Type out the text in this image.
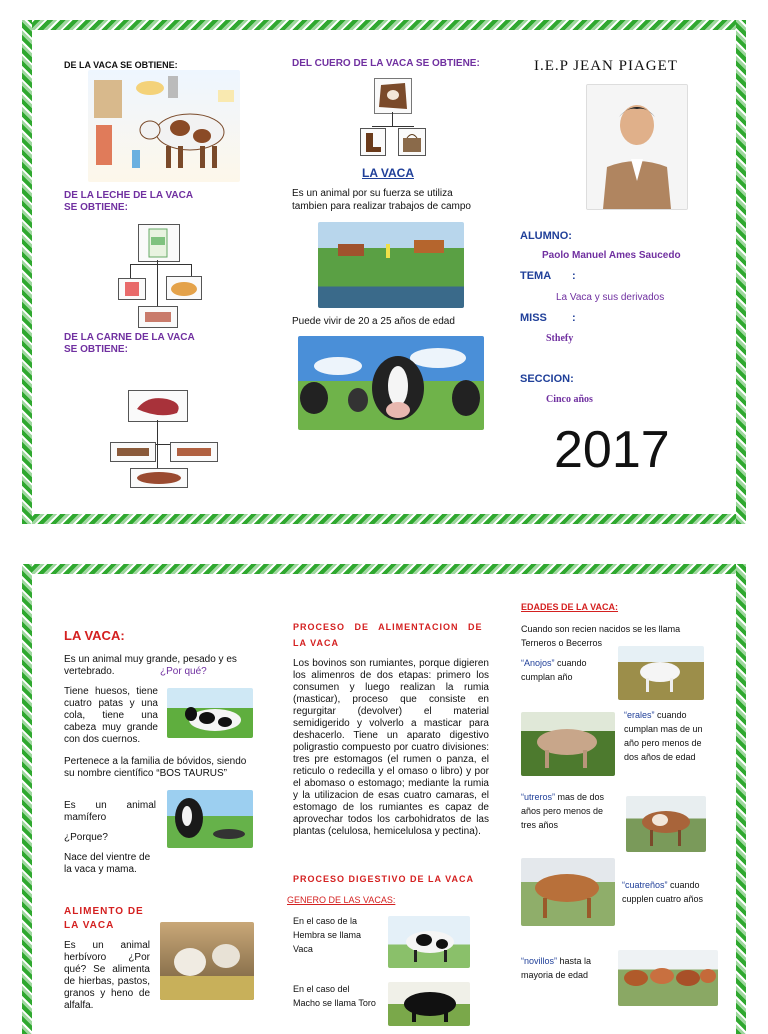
DE LA VACA SE OBTIENE:
DE LA LECHE DE LA VACA
SE OBTIENE:
DE LA CARNE DE LA VACA
SE OBTIENE:
DEL CUERO DE LA VACA SE OBTIENE:
LA VACA
Es un animal por su fuerza se utiliza
tambien para realizar trabajos de campo
Puede vivir de 20 a 25 años de edad
I.E.P JEAN PIAGET
ALUMNO:
Paolo Manuel Ames Saucedo
TEMA :
La Vaca y sus derivados
MISS :
Sthefy
SECCION:
Cinco años
2017
LA VACA:
Es un animal muy grande, pesado y es
vertebrado.	¿Por qué?
Tiene huesos, tiene cuatro patas y una cola, tiene una cabeza muy grande con dos cuernos.
Pertenece a la familia de bóvidos, siendo su nombre científico “BOS TAURUS”
Es un animal mamífero
¿Porque?
Nace del vientre de la vaca y mama.
ALIMENTO DE
LA VACA
Es un animal herbívoro ¿Por qué? Se alimenta de hierbas, pastos, granos y heno de alfalfa.
PROCESO DE ALIMENTACION DE
LA VACA
Los bovinos son rumiantes, porque digieren los alimenros de dos etapas: primero los consumen y luego realizan la rumia (masticar), proceso que consiste en regurgitar (devolver) el material semidigerido y volverlo a masticar para deshacerlo. Tiene un aparato digestivo poligrastio compuesto por cuatro divisiones: tres pre estomagos (el rumen o panza, el reticulo o redecilla y el omaso o libro) y por el abomaso o estomago; mediante la rumia y la utilizacion de esas cuatro camaras, el estomago de los rumiantes es capaz de aprovechar todos los carbohidratos de las plantas (celulosa, hemicelulosa y pectina).
PROCESO DIGESTIVO DE LA VACA
GENERO DE LAS VACAS:
En el caso de la
Hembra se llama
Vaca
En el caso del
Macho se llama Toro
EDADES DE LA VACA:
Cuando son recien nacidos se les llama
Terneros o Becerros
“Anojos” cuando
cumplan año
“erales” cuando
cumplan mas de un
año pero menos de
dos años de edad
“utreros” mas de dos
años pero menos de
tres años
“cuatreños” cuando
cupplen cuatro años
“novillos” hasta la
mayoria de edad
